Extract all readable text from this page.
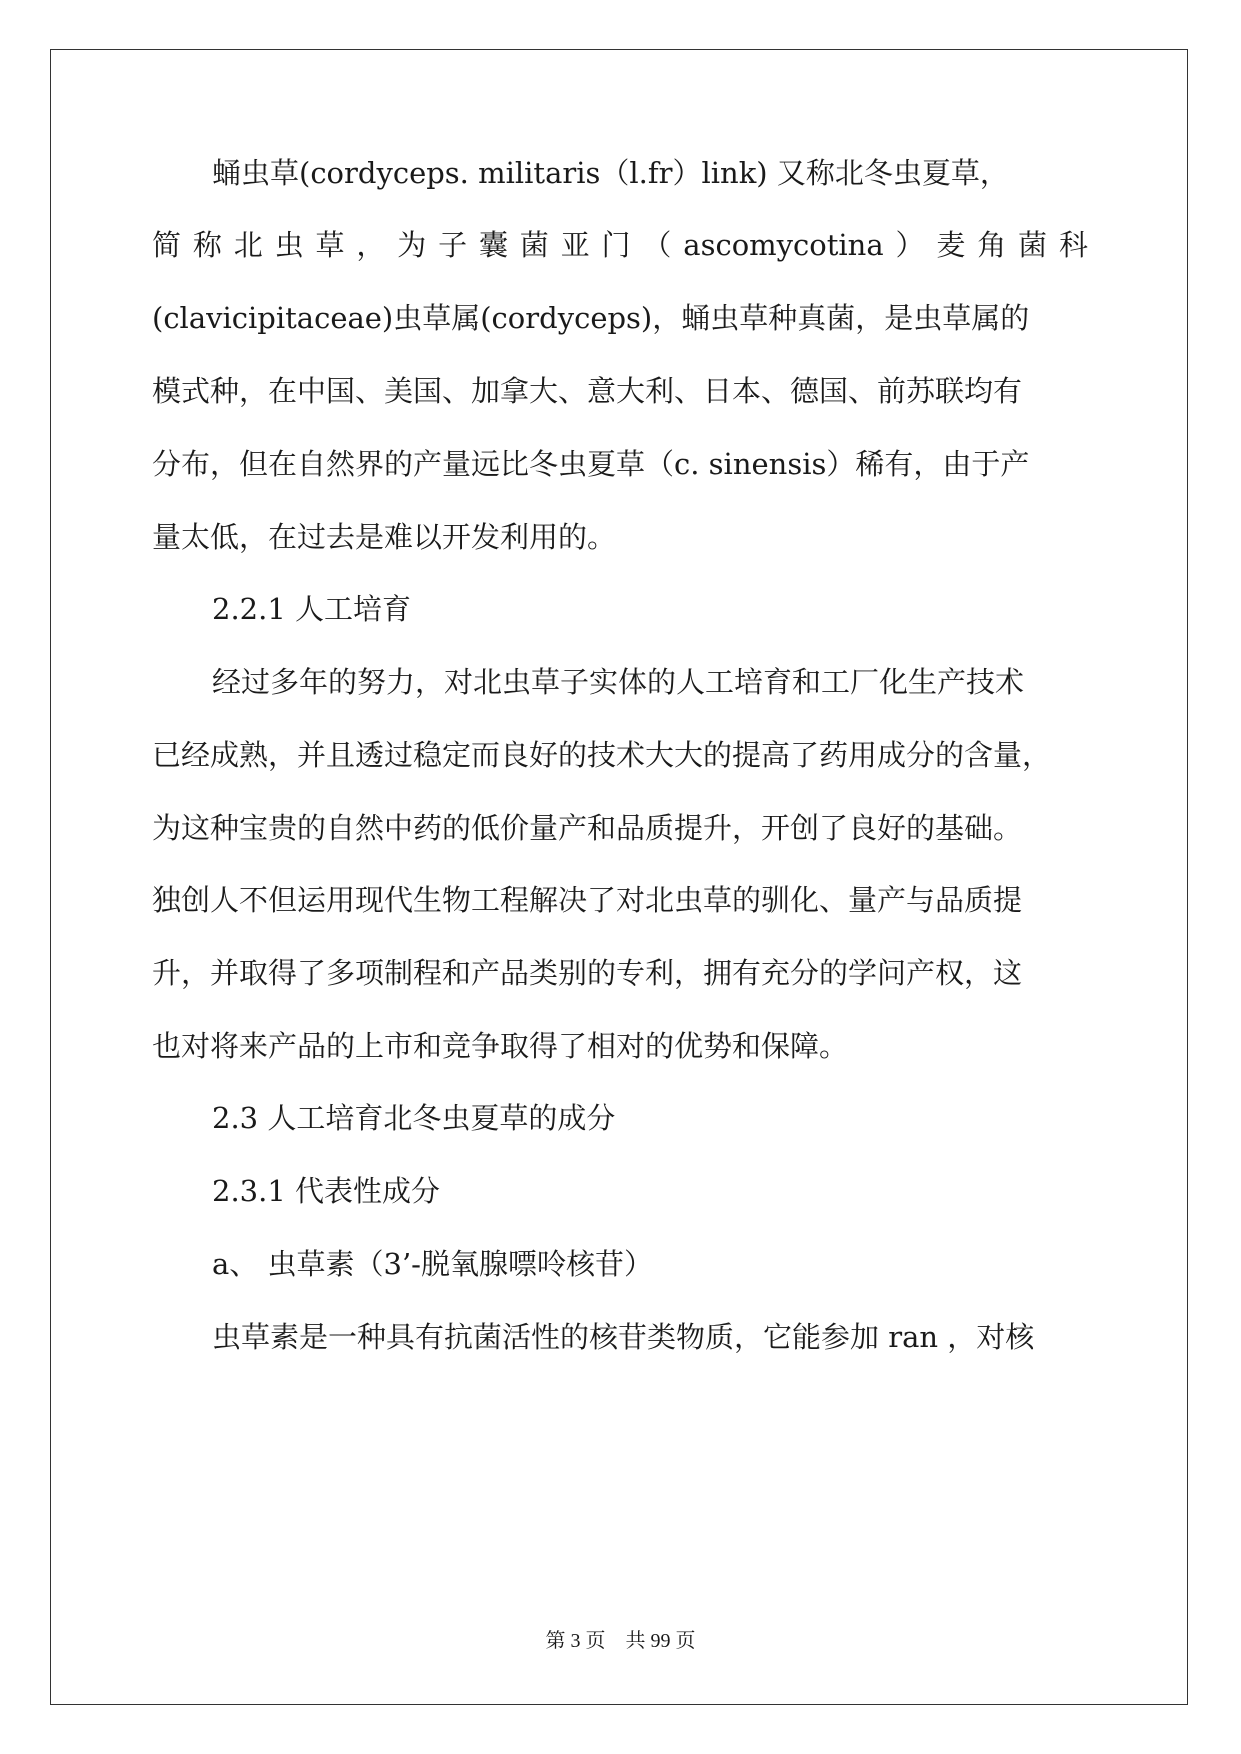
蛹虫草(cordyceps. militaris（l.fr）link) 又称北冬虫夏草，
简称北虫草，为子囊菌亚门（ascomycotina）麦角菌科
(clavicipitaceae)虫草属(cordyceps)，蛹虫草种真菌，是虫草属的
模式种，在中国、美国、加拿大、意大利、日本、德国、前苏联均有
分布，但在自然界的产量远比冬虫夏草（c. sinensis）稀有，由于产
量太低，在过去是难以开发利用的。
2.2.1 人工培育
经过多年的努力，对北虫草子实体的人工培育和工厂化生产技术
已经成熟，并且透过稳定而良好的技术大大的提高了药用成分的含量，
为这种宝贵的自然中药的低价量产和品质提升，开创了良好的基础。
独创人不但运用现代生物工程解决了对北虫草的驯化、量产与品质提
升，并取得了多项制程和产品类别的专利，拥有充分的学问产权，这
也对将来产品的上市和竞争取得了相对的优势和保障。
2.3 人工培育北冬虫夏草的成分
2.3.1 代表性成分
a、 虫草素（3’-脱氧腺嘌呤核苷）
虫草素是一种具有抗菌活性的核苷类物质，它能参加 ran ，对核
第 3 页　共 99 页
